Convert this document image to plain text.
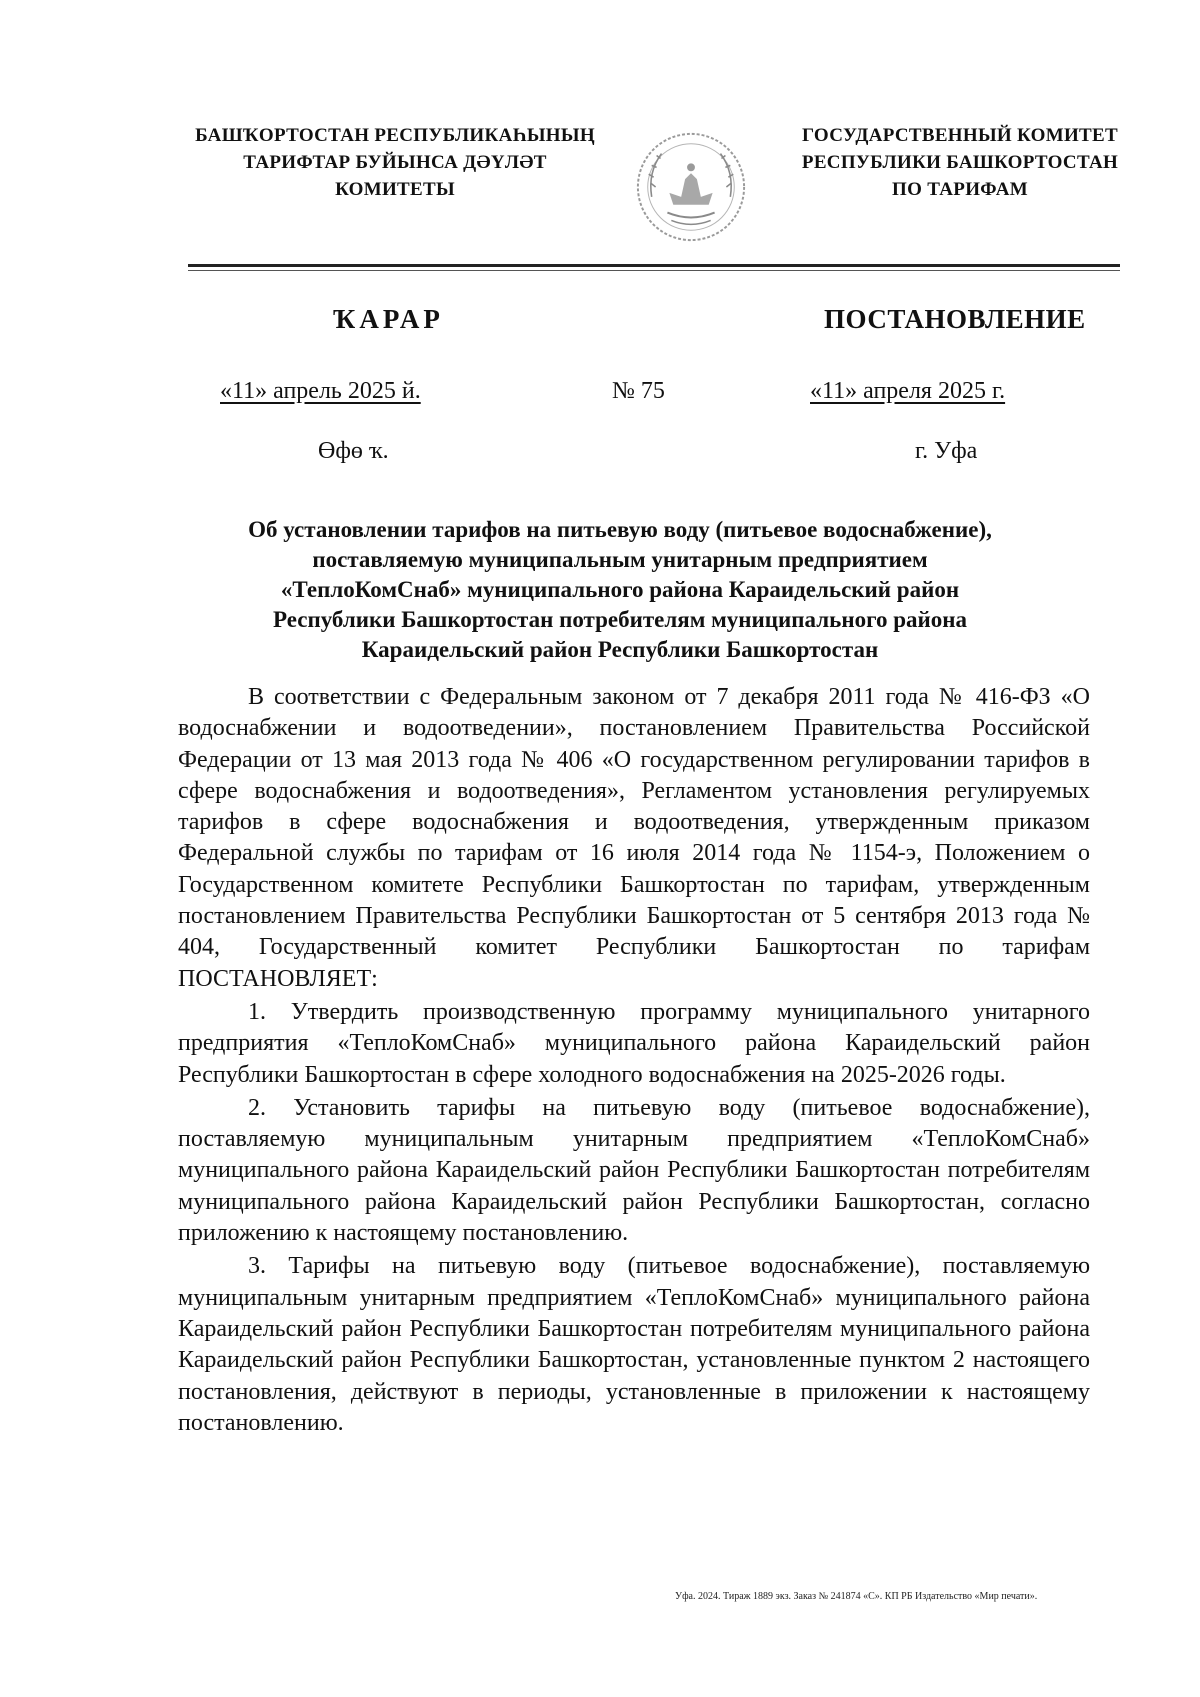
БАШҠОРТОСТАН РЕСПУБЛИКАҺЫНЫҢ
ТАРИФТАР БУЙЫНСА ДӘҮЛӘТ
КОМИТЕТЫ
ГОСУДАРСТВЕННЫЙ КОМИТЕТ
РЕСПУБЛИКИ БАШКОРТОСТАН
ПО ТАРИФАМ
ҠАРАР	ПОСТАНОВЛЕНИЕ
«11» апрель 2025 й.	№ 75	«11» апреля 2025 г.
Өфө ҡ.	г. Уфа
Об установлении тарифов на питьевую воду (питьевое водоснабжение),
поставляемую муниципальным унитарным предприятием
«ТеплоКомСнаб» муниципального района Караидельский район
Республики Башкортостан потребителям муниципального района
Караидельский район Республики Башкортостан

В соответствии с Федеральным законом от 7 декабря 2011 года № 416-ФЗ «О водоснабжении и водоотведении», постановлением Правительства Российской Федерации от 13 мая 2013 года № 406 «О государственном регулировании тарифов в сфере водоснабжения и водоотведения», Регламентом установления регулируемых тарифов в сфере водоснабжения и водоотведения, утвержденным приказом Федеральной службы по тарифам от 16 июля 2014 года № 1154-э, Положением о Государственном комитете Республики Башкортостан по тарифам, утвержденным постановлением Правительства Республики Башкортостан от 5 сентября 2013 года № 404, Государственный комитет Республики Башкортостан по тарифам ПОСТАНОВЛЯЕТ:

1. Утвердить производственную программу муниципального унитарного предприятия «ТеплоКомСнаб» муниципального района Караидельский район Республики Башкортостан в сфере холодного водоснабжения на 2025-2026 годы.

2. Установить тарифы на питьевую воду (питьевое водоснабжение), поставляемую муниципальным унитарным предприятием «ТеплоКомСнаб» муниципального района Караидельский район Республики Башкортостан потребителям муниципального района Караидельский район Республики Башкортостан, согласно приложению к настоящему постановлению.

3. Тарифы на питьевую воду (питьевое водоснабжение), поставляемую муниципальным унитарным предприятием «ТеплоКомСнаб» муниципального района Караидельский район Республики Башкортостан потребителям муниципального района Караидельский район Республики Башкортостан, установленные пунктом 2 настоящего постановления, действуют в периоды, установленные в приложении к настоящему постановлению.

Уфа. 2024. Тираж 1889 экз. Заказ № 241874 «С». КП РБ Издательство «Мир печати».
